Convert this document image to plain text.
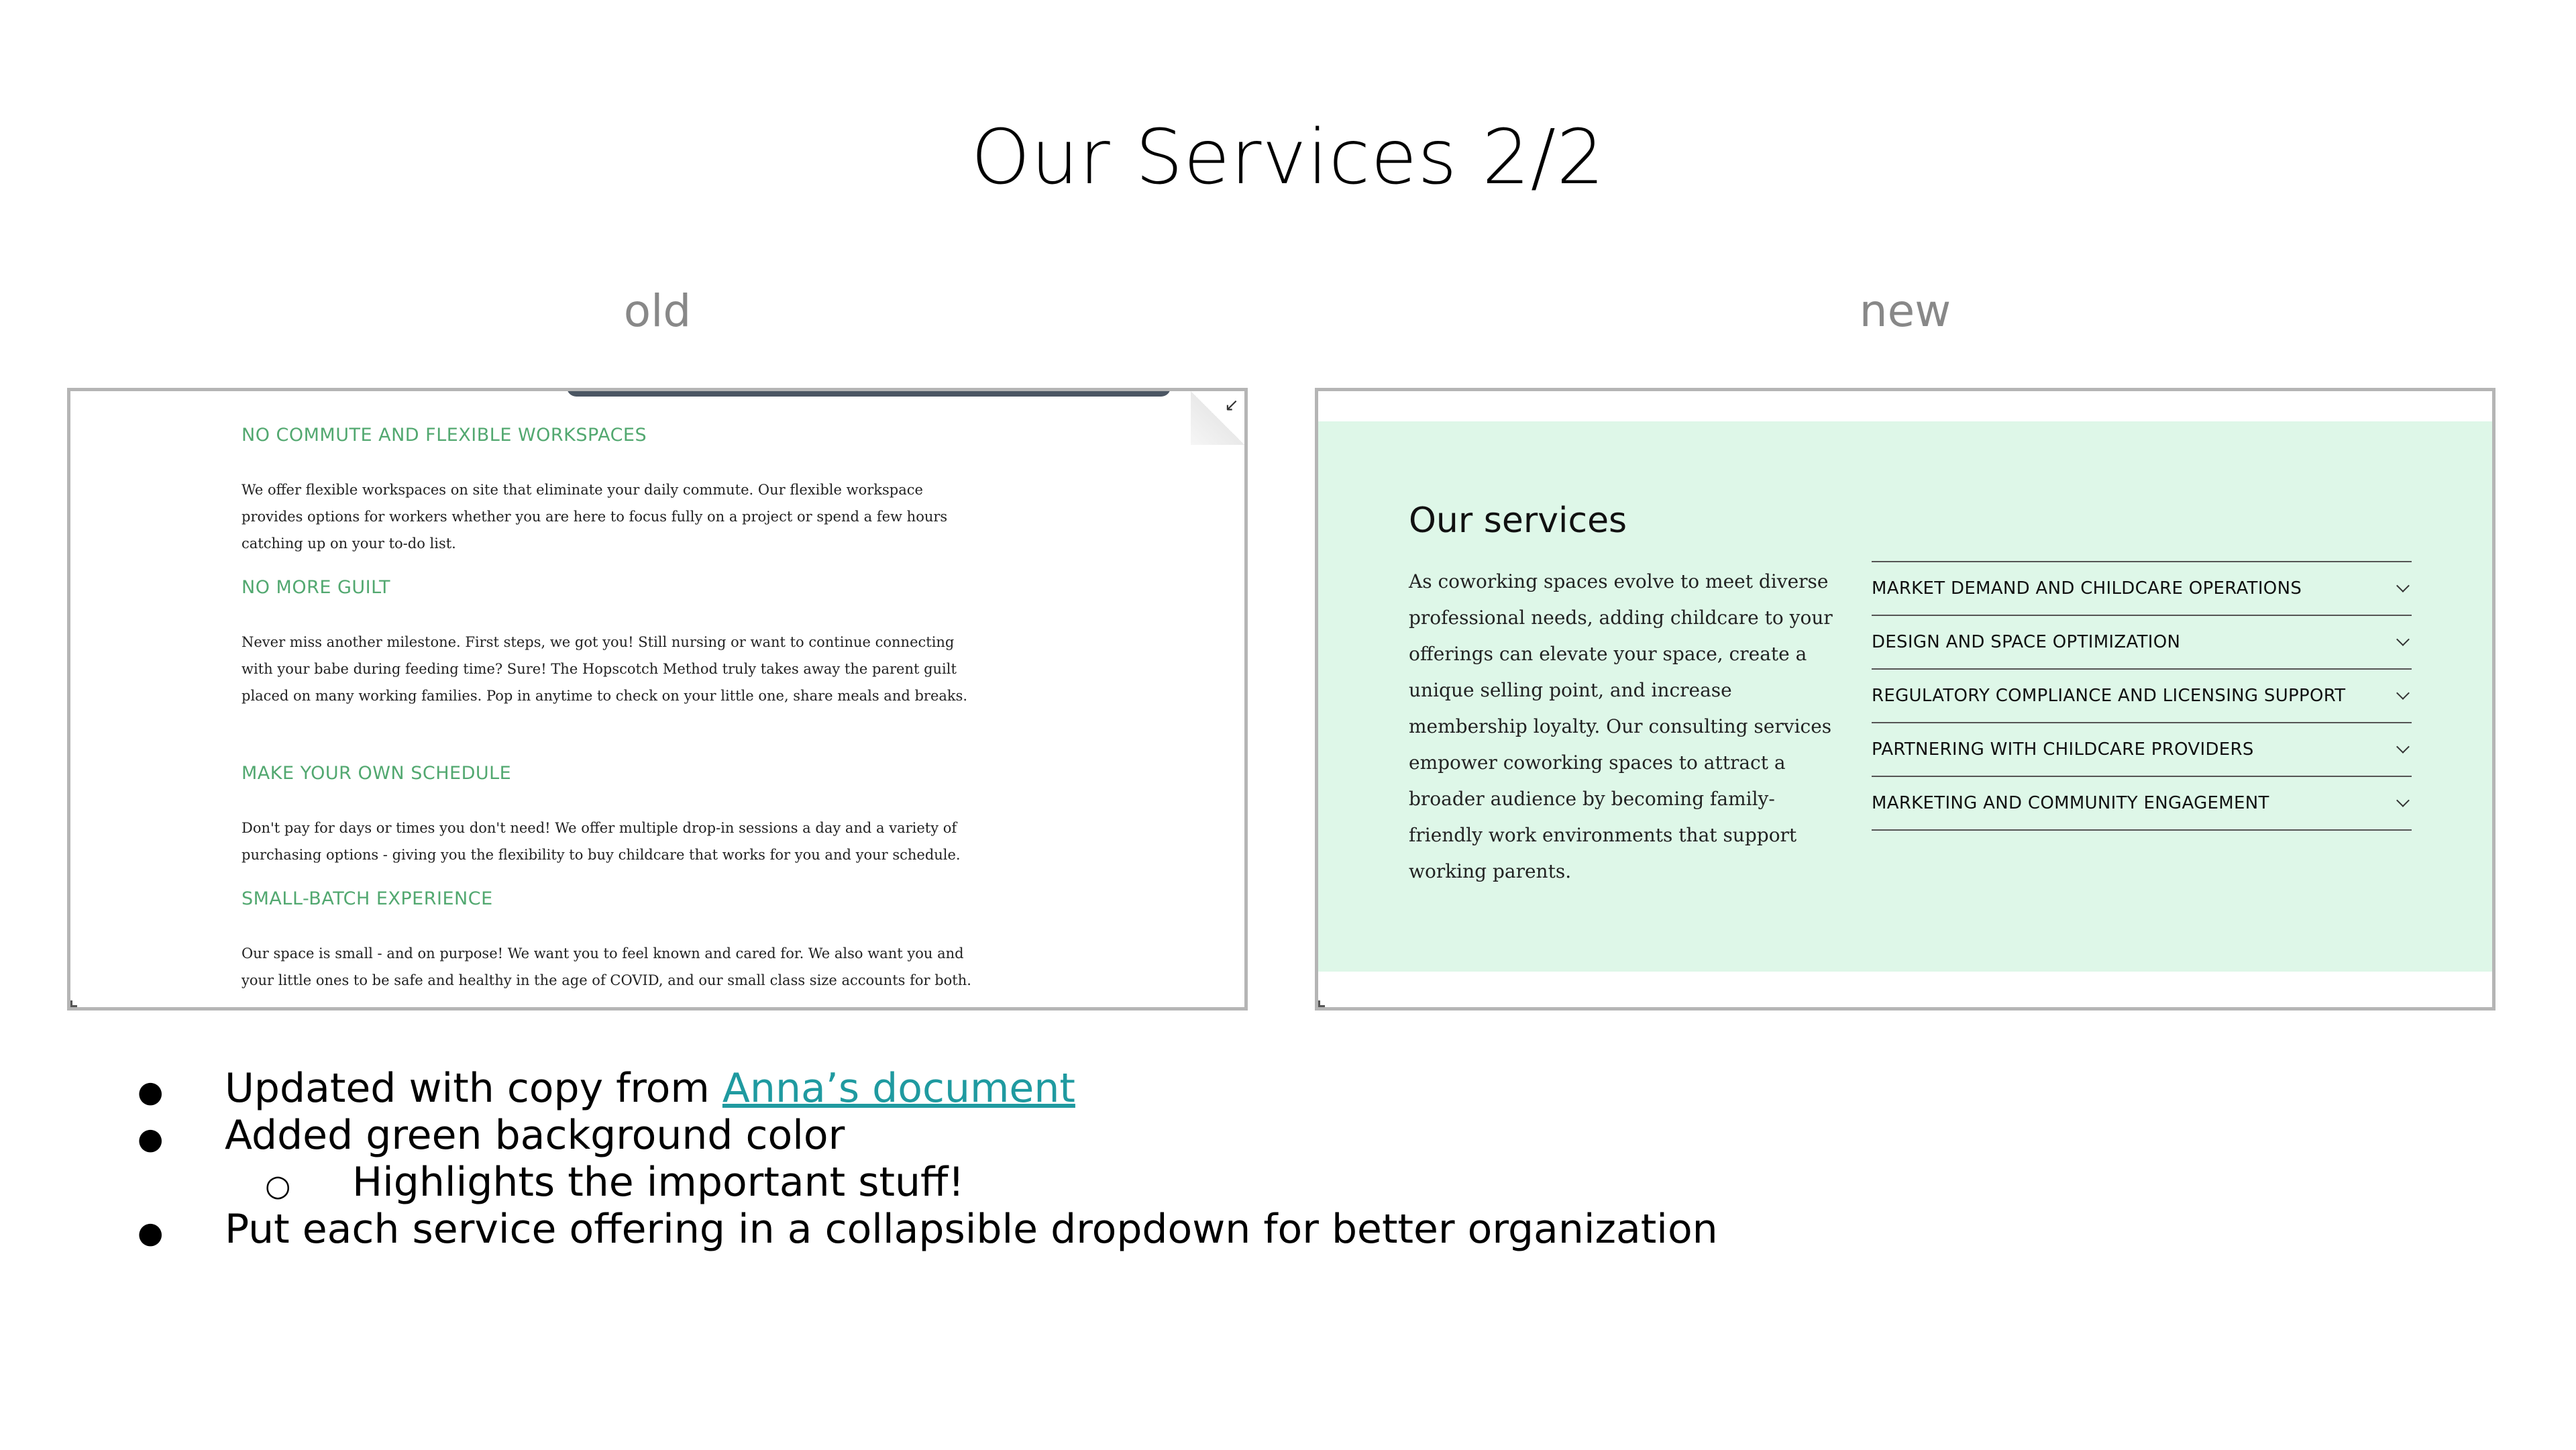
Our Services 2/2
old	new
↙
NO COMMUTE AND FLEXIBLE WORKSPACES
We offer flexible workspaces on site that eliminate your daily commute. Our flexible workspace provides options for workers whether you are here to focus fully on a project or spend a few hours catching up on your to-do list.
NO MORE GUILT
Never miss another milestone. First steps, we got you! Still nursing or want to continue connecting with your babe during feeding time? Sure! The Hopscotch Method truly takes away the parent guilt placed on many working families. Pop in anytime to check on your little one, share meals and breaks.
MAKE YOUR OWN SCHEDULE
Don't pay for days or times you don't need! We offer multiple drop-in sessions a day and a variety of purchasing options - giving you the flexibility to buy childcare that works for you and your schedule.
SMALL-BATCH EXPERIENCE
Our space is small - and on purpose! We want you to feel known and cared for. We also want you and your little ones to be safe and healthy in the age of COVID, and our small class size accounts for both.
Our services
As coworking spaces evolve to meet diverse professional needs, adding childcare to your offerings can elevate your space, create a unique selling point, and increase membership loyalty. Our consulting services empower coworking spaces to attract a broader audience by becoming family-friendly work environments that support working parents.
MARKET DEMAND AND CHILDCARE OPERATIONS
DESIGN AND SPACE OPTIMIZATION
REGULATORY COMPLIANCE AND LICENSING SUPPORT
PARTNERING WITH CHILDCARE PROVIDERS
MARKETING AND COMMUNITY ENGAGEMENT
●	Updated with copy from Anna’s document
●	Added green background color
○	Highlights the important stuff!
●	Put each service offering in a collapsible dropdown for better organization
